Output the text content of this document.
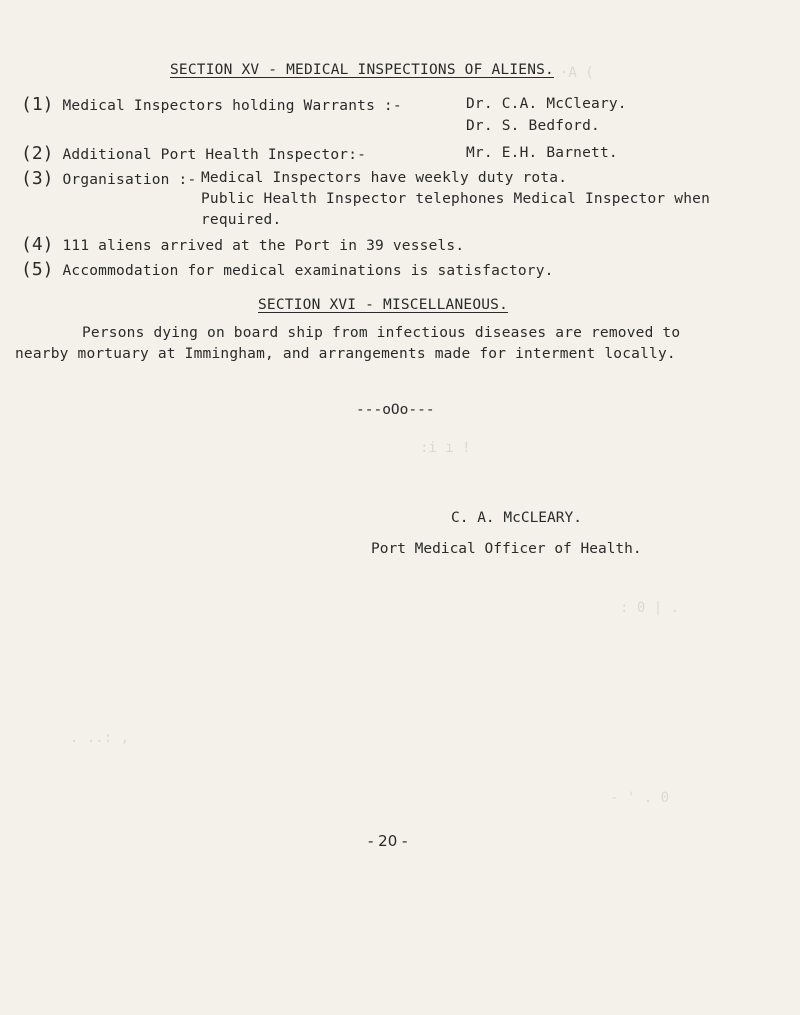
·A (
:i ı !
: 0 | .
. ..: ,
- ' . 0
SECTION XV - MEDICAL INSPECTIONS OF ALIENS.
(1) Medical Inspectors holding Warrants :-	Dr. C.A. McCleary.
Dr. S. Bedford.
(2) Additional Port Health Inspector:-	Mr. E.H. Barnett.
(3) Organisation :- Medical Inspectors have weekly duty rota.
Public Health Inspector telephones Medical Inspector when
required.
(4) 111 aliens arrived at the Port in 39 vessels.
(5) Accommodation for medical examinations is satisfactory.
SECTION XVI - MISCELLANEOUS.
Persons dying on board ship from infectious diseases are removed to
nearby mortuary at Immingham, and arrangements made for interment locally.
---oOo---
C. A. McCLEARY.
Port Medical Officer of Health.
- 20 -
